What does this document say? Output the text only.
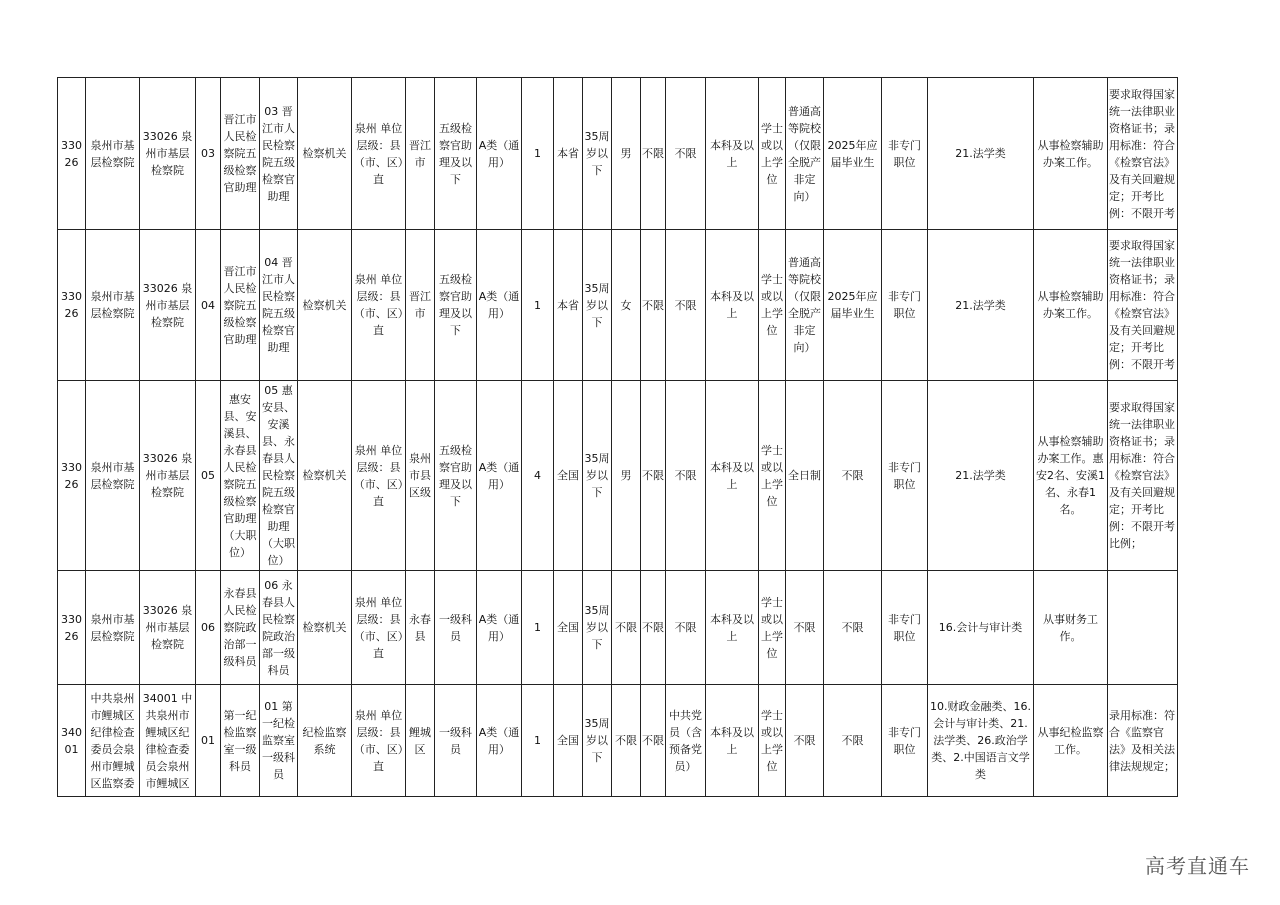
33026	泉州市基层检察院	33026 泉州市基层检察院	03	晋江市人民检察院五级检察官助理	03 晋江市人民检察院五级检察官助理	检察机关	泉州 单位层级：县（市、区）直	晋江市	五级检察官助理及以下	A类（通用）	1	本省	35周岁以下	男	不限	不限	本科及以上	学士或以上学位	普通高等院校（仅限全脱产非定向）	2025年应届毕业生	非专门职位	21.法学类	从事检察辅助办案工作。	要求取得国家统一法律职业资格证书；录用标准：符合《检察官法》及有关回避规定；开考比例：不限开考
33026	泉州市基层检察院	33026 泉州市基层检察院	04	晋江市人民检察院五级检察官助理	04 晋江市人民检察院五级检察官助理	检察机关	泉州 单位层级：县（市、区）直	晋江市	五级检察官助理及以下	A类（通用）	1	本省	35周岁以下	女	不限	不限	本科及以上	学士或以上学位	普通高等院校（仅限全脱产非定向）	2025年应届毕业生	非专门职位	21.法学类	从事检察辅助办案工作。	要求取得国家统一法律职业资格证书；录用标准：符合《检察官法》及有关回避规定；开考比例：不限开考
33026	泉州市基层检察院	33026 泉州市基层检察院	05	惠安县、安溪县、永春县人民检察院五级检察官助理（大职位）	05 惠安县、安溪县、永春县人民检察院五级检察官助理（大职位）	检察机关	泉州 单位层级：县（市、区）直	泉州市县区级	五级检察官助理及以下	A类（通用）	4	全国	35周岁以下	男	不限	不限	本科及以上	学士或以上学位	全日制	不限	非专门职位	21.法学类	从事检察辅助办案工作。惠安2名、安溪1名、永春1名。	要求取得国家统一法律职业资格证书；录用标准：符合《检察官法》及有关回避规定；开考比例：不限开考比例；
33026	泉州市基层检察院	33026 泉州市基层检察院	06	永春县人民检察院政治部一级科员	06 永春县人民检察院政治部一级科员	检察机关	泉州 单位层级：县（市、区）直	永春县	一级科员	A类（通用）	1	全国	35周岁以下	不限	不限	不限	本科及以上	学士或以上学位	不限	不限	非专门职位	16.会计与审计类	从事财务工作。	
34001	中共泉州市鲤城区纪律检查委员会泉州市鲤城区监察委	34001 中共泉州市鲤城区纪律检查委员会泉州市鲤城区	01	第一纪检监察室一级科员	01 第一纪检监察室一级科员	纪检监察系统	泉州 单位层级：县（市、区）直	鲤城区	一级科员	A类（通用）	1	全国	35周岁以下	不限	不限	中共党员（含预备党员）	本科及以上	学士或以上学位	不限	不限	非专门职位	10.财政金融类、16.会计与审计类、21.法学类、26.政治学类、2.中国语言文学类	从事纪检监察工作。	录用标准：符合《监察官法》及相关法律法规规定；
高考直通车
